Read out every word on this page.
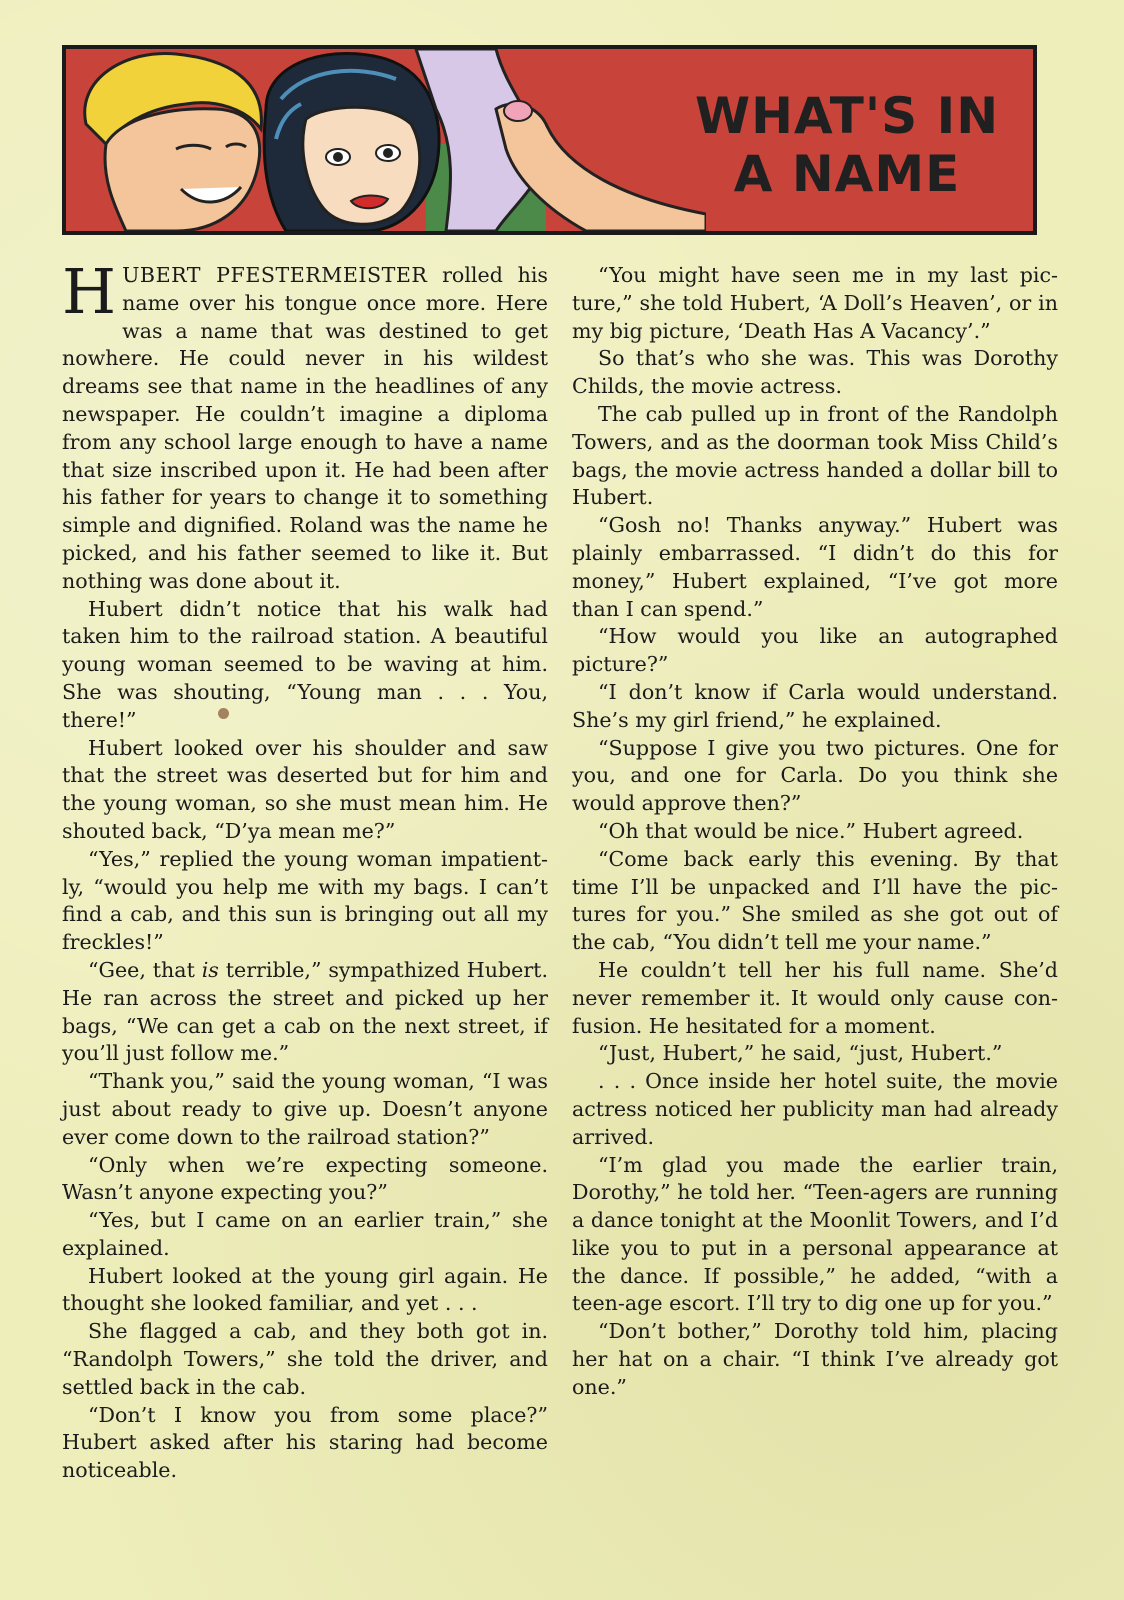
WHAT'S IN
A NAME

HUBERT PFESTERMEISTER rolled his name over his tongue once more. Here was a name that was destined to get nowhere. He could never in his wildest dreams see that name in the headlines of any newspaper. He couldn’t imagine a diploma from any school large enough to have a name that size inscribed upon it. He had been after his father for years to change it to something simple and dignified. Roland was the name he picked, and his father seemed to like it. But nothing was done about it.

Hubert didn’t notice that his walk had taken him to the railroad station. A beautiful young woman seemed to be waving at him. She was shouting, “Young man . . . You, there!”

Hubert looked over his shoulder and saw that the street was deserted but for him and the young woman, so she must mean him. He shouted back, “D’ya mean me?”

“Yes,” replied the young woman impatiently, “would you help me with my bags. I can’t find a cab, and this sun is bringing out all my freckles!”

“Gee, that is terrible,” sympathized Hubert. He ran across the street and picked up her bags, “We can get a cab on the next street, if you’ll just follow me.”

“Thank you,” said the young woman, “I was just about ready to give up. Doesn’t anyone ever come down to the railroad station?”

“Only when we’re expecting someone. Wasn’t anyone expecting you?”

“Yes, but I came on an earlier train,” she explained.

Hubert looked at the young girl again. He thought she looked familiar, and yet . . .

She flagged a cab, and they both got in. “Randolph Towers,” she told the driver, and settled back in the cab.

“Don’t I know you from some place?” Hubert asked after his staring had become noticeable.

“You might have seen me in my last picture,” she told Hubert, ‘A Doll’s Heaven’, or in my big picture, ‘Death Has A Vacancy’.”

So that’s who she was. This was Dorothy Childs, the movie actress.

The cab pulled up in front of the Randolph Towers, and as the doorman took Miss Child’s bags, the movie actress handed a dollar bill to Hubert.

“Gosh no! Thanks anyway.” Hubert was plainly embarrassed. “I didn’t do this for money,” Hubert explained, “I’ve got more than I can spend.”

“How would you like an autographed picture?”

“I don’t know if Carla would understand. She’s my girl friend,” he explained.

“Suppose I give you two pictures. One for you, and one for Carla. Do you think she would approve then?”

“Oh that would be nice.” Hubert agreed.

“Come back early this evening. By that time I’ll be unpacked and I’ll have the pictures for you.” She smiled as she got out of the cab, “You didn’t tell me your name.”

He couldn’t tell her his full name. She’d never remember it. It would only cause confusion. He hesitated for a moment.

“Just, Hubert,” he said, “just, Hubert.”

. . . Once inside her hotel suite, the movie actress noticed her publicity man had already arrived.

“I’m glad you made the earlier train, Dorothy,” he told her. “Teen-agers are running a dance tonight at the Moonlit Towers, and I’d like you to put in a personal appearance at the dance. If possible,” he added, “with a teen-age escort. I’ll try to dig one up for you.”

“Don’t bother,” Dorothy told him, placing her hat on a chair. “I think I’ve already got one.”
